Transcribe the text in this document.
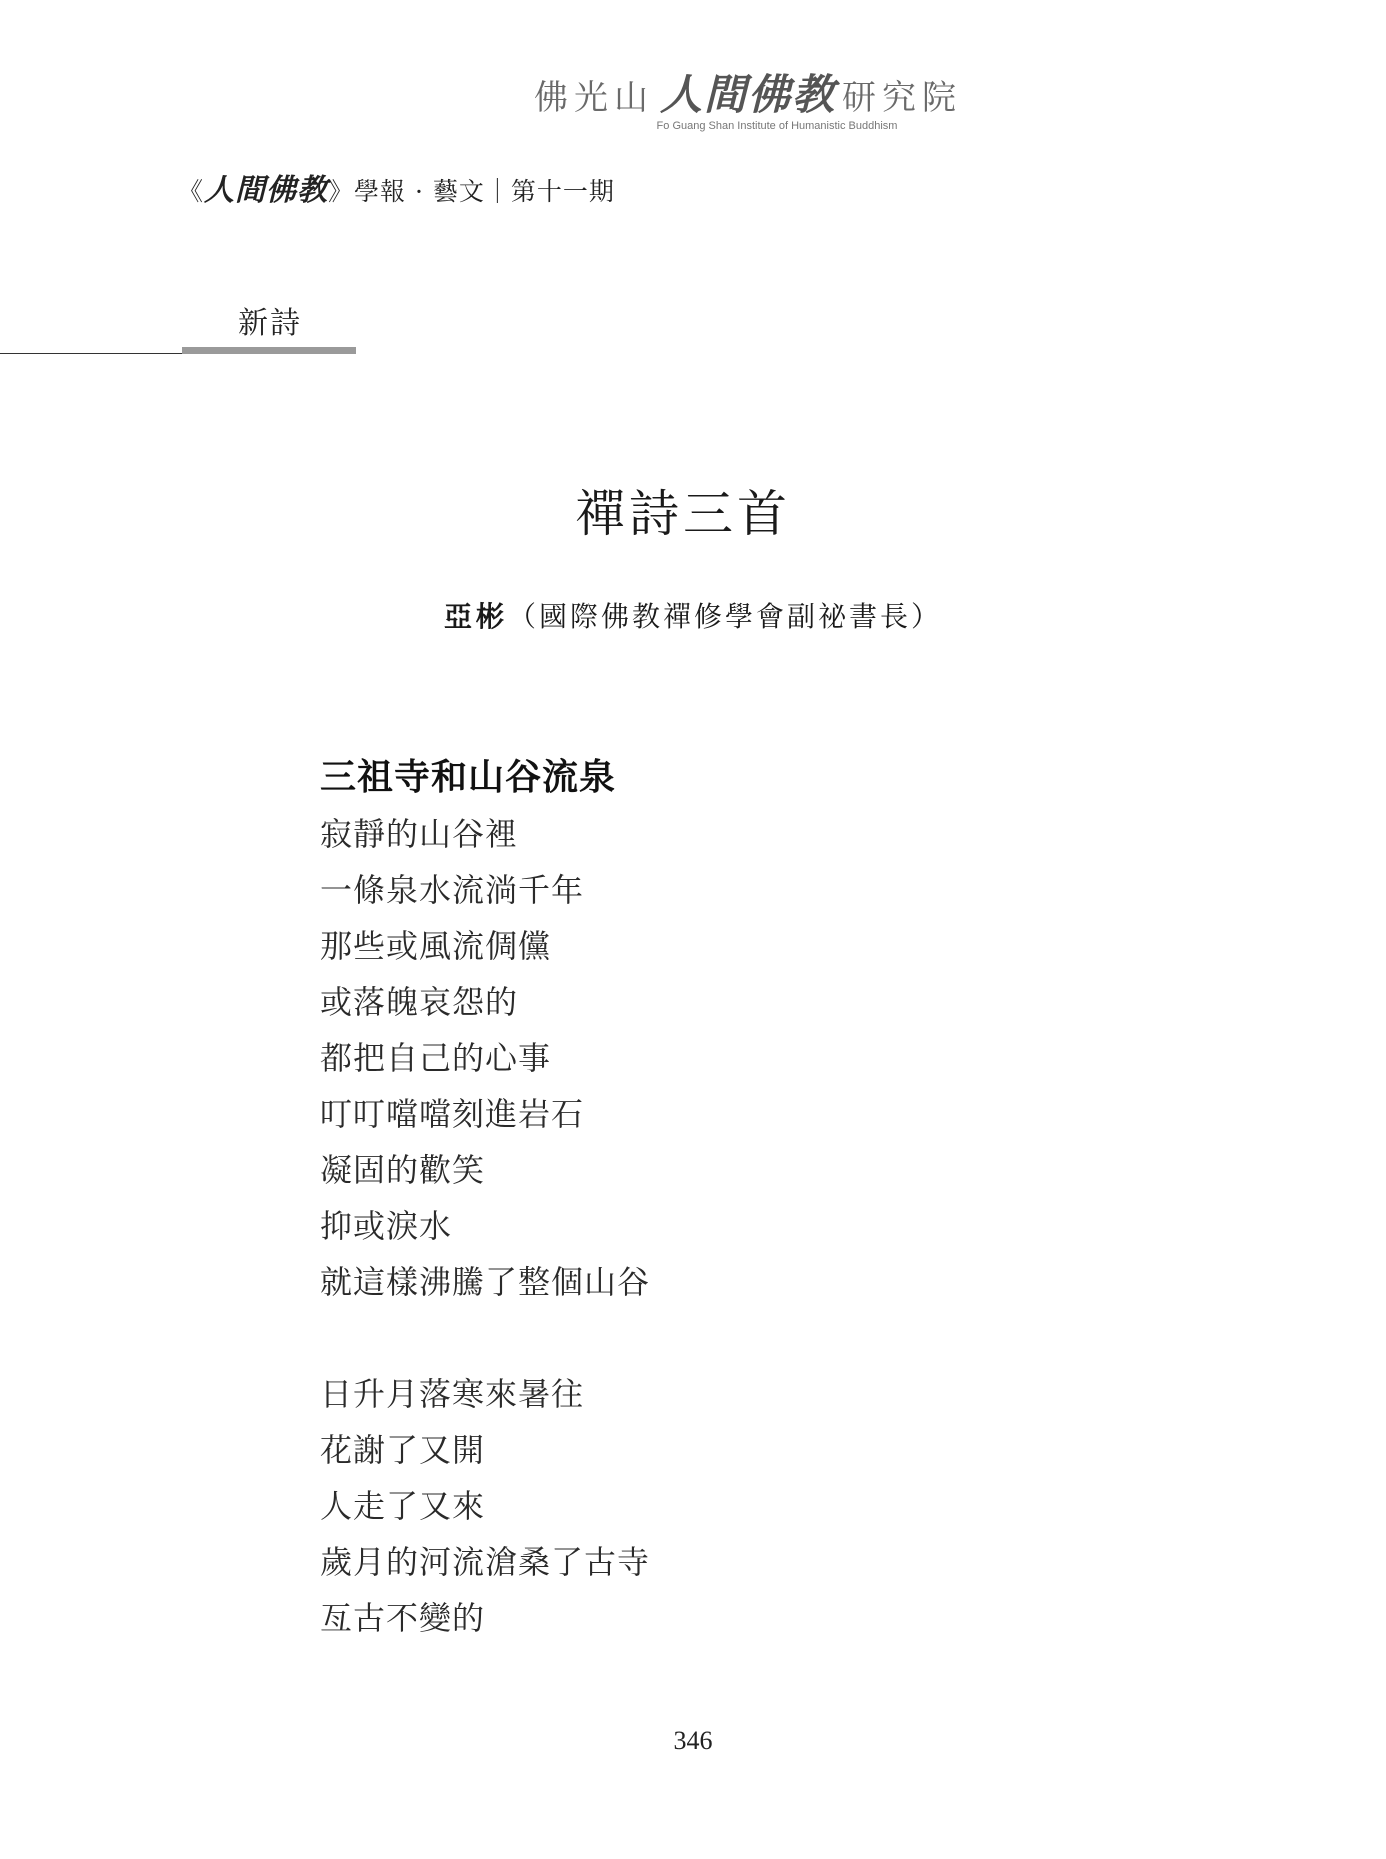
佛光山 人間佛教 研究院
Fo Guang Shan Institute of Humanistic Buddhism
《人間佛教》學報 · 藝文｜第十一期
新詩
禪詩三首
亞彬（國際佛教禪修學會副祕書長）
三祖寺和山谷流泉
寂靜的山谷裡
一條泉水流淌千年
那些或風流倜儻
或落魄哀怨的
都把自己的心事
叮叮噹噹刻進岩石
凝固的歡笑
抑或淚水
就這樣沸騰了整個山谷
日升月落寒來暑往
花謝了又開
人走了又來
歲月的河流滄桑了古寺
亙古不變的
346
